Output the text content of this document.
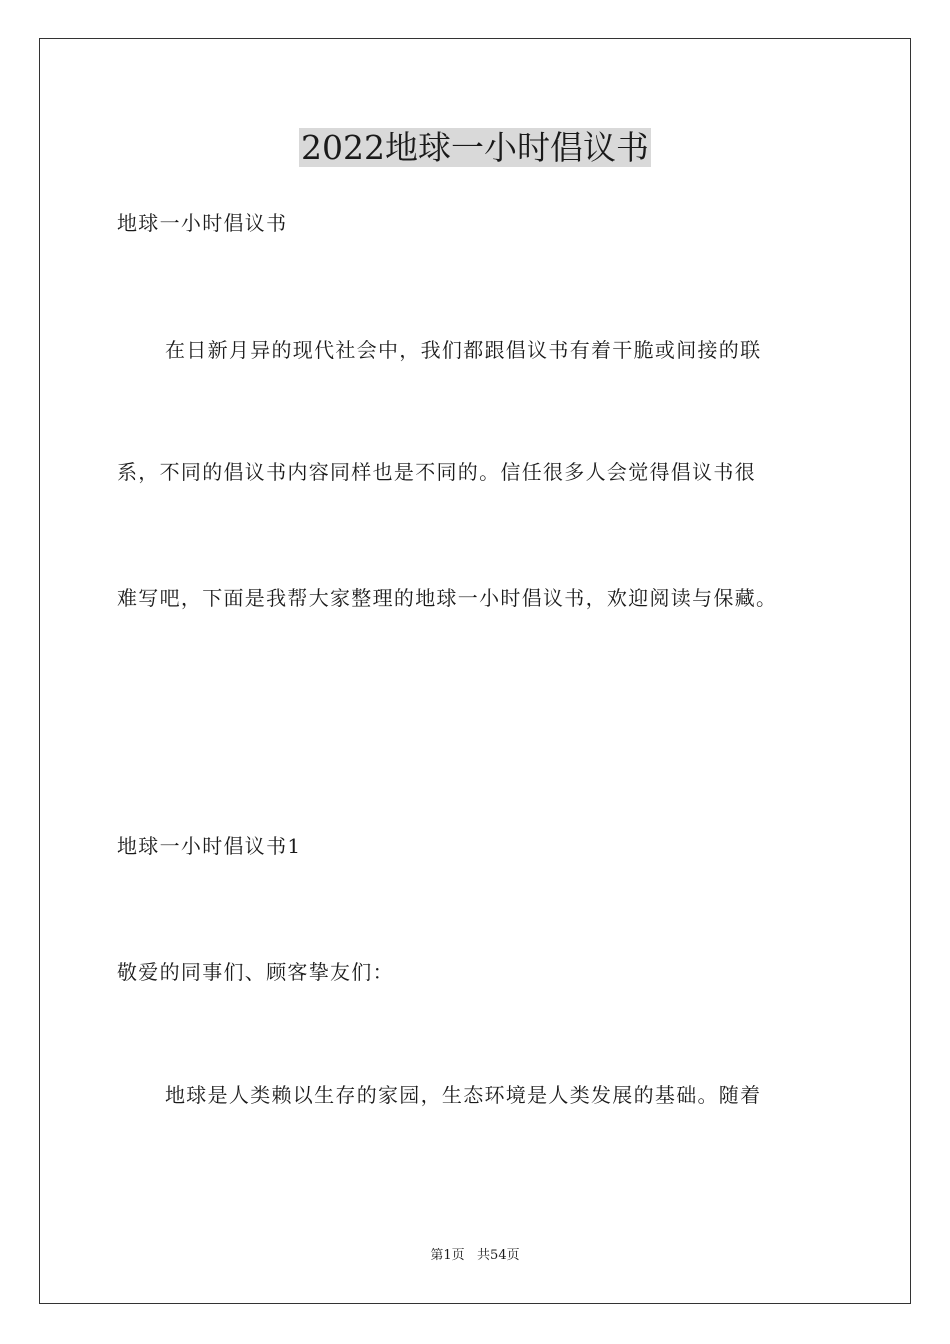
2022地球一小时倡议书

地球一小时倡议书

在日新月异的现代社会中，我们都跟倡议书有着干脆或间接的联

系，不同的倡议书内容同样也是不同的。信任很多人会觉得倡议书很

难写吧，下面是我帮大家整理的地球一小时倡议书，欢迎阅读与保藏。

地球一小时倡议书1

敬爱的同事们、顾客挚友们：

地球是人类赖以生存的家园，生态环境是人类发展的基础。随着

第1页   共54页
